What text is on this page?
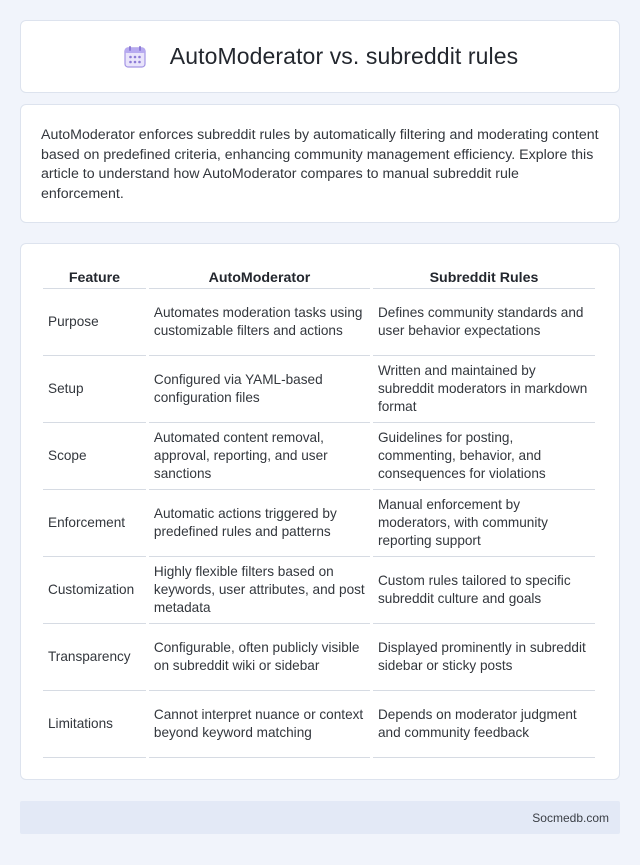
AutoModerator vs. subreddit rules

AutoModerator enforces subreddit rules by automatically filtering and moderating content based on predefined criteria, enhancing community management efficiency. Explore this article to understand how AutoModerator compares to manual subreddit rule enforcement.

Feature	AutoModerator	Subreddit Rules
Purpose	Automates moderation tasks using customizable filters and actions	Defines community standards and user behavior expectations
Setup	Configured via YAML-based configuration files	Written and maintained by subreddit moderators in markdown format
Scope	Automated content removal, approval, reporting, and user sanctions	Guidelines for posting, commenting, behavior, and consequences for violations
Enforcement	Automatic actions triggered by predefined rules and patterns	Manual enforcement by moderators, with community reporting support
Customization	Highly flexible filters based on keywords, user attributes, and post metadata	Custom rules tailored to specific subreddit culture and goals
Transparency	Configurable, often publicly visible on subreddit wiki or sidebar	Displayed prominently in subreddit sidebar or sticky posts
Limitations	Cannot interpret nuance or context beyond keyword matching	Depends on moderator judgment and community feedback
Socmedb.com
